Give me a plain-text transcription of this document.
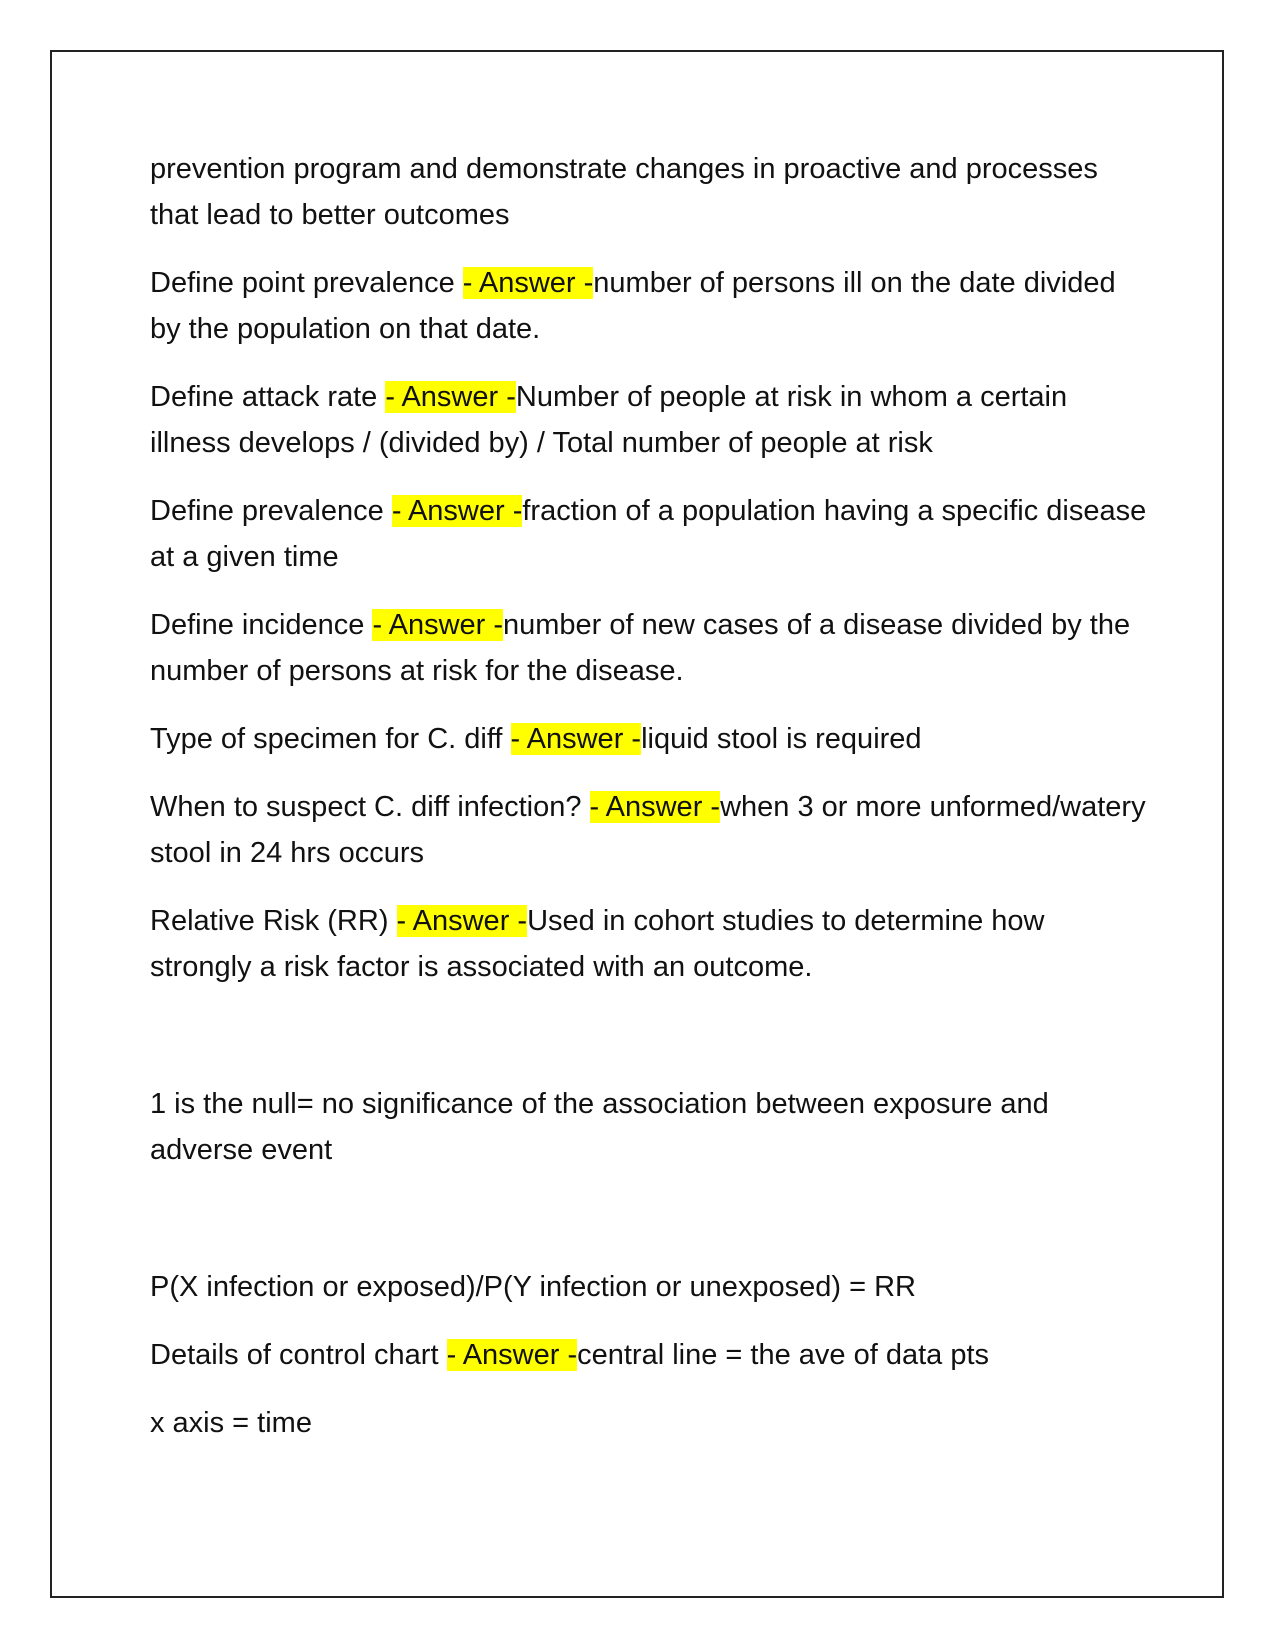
prevention program and demonstrate changes in proactive and processes that lead to better outcomes

Define point prevalence - Answer -number of persons ill on the date divided by the population on that date.

Define attack rate - Answer -Number of people at risk in whom a certain illness develops / (divided by) / Total number of people at risk

Define prevalence - Answer -fraction of a population having a specific disease at a given time

Define incidence - Answer -number of new cases of a disease divided by the number of persons at risk for the disease.

Type of specimen for C. diff - Answer -liquid stool is required

When to suspect C. diff infection? - Answer -when 3 or more unformed/watery stool in 24 hrs occurs

Relative Risk (RR) - Answer -Used in cohort studies to determine how strongly a risk factor is associated with an outcome.

1 is the null= no significance of the association between exposure and adverse event

P(X infection or exposed)/P(Y infection or unexposed) = RR

Details of control chart - Answer -central line = the ave of data pts

x axis = time
